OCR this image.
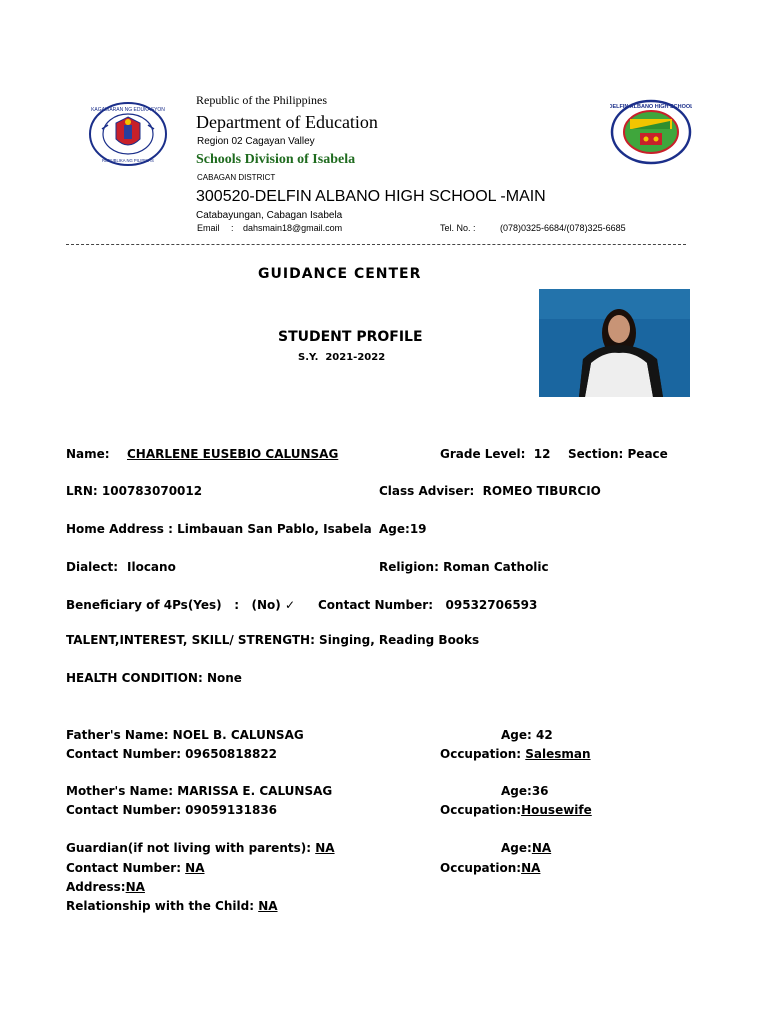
KAGAWARAN NG EDUKASYON
REPUBLIKA NG PILIPINAS
Republic of the Philippines
Department of Education
Region 02 Cagayan Valley
Schools Division of Isabela
CABAGAN DISTRICT
300520-DELFIN ALBANO HIGH SCHOOL -MAIN
Catabayungan, Cabagan Isabela
Email : dahsmain18@gmail.com	Tel. No. :	(078)0325-6684/(078)325-6685
DELFIN ALBANO HIGH SCHOOL
GUIDANCE CENTER
STUDENT PROFILE
S.Y.  2021-2022
Name: CHARLENE EUSEBIO CALUNSAG	Grade Level:  12 Section: Peace
LRN: 100783070012	Class Adviser:  ROMEO TIBURCIO
Home Address : Limbauan San Pablo, Isabela Age:19
Dialect: Ilocano	Religion: Roman Catholic
Beneficiary of 4Ps(Yes)   :   (No) ✓ Contact Number:   09532706593
TALENT,INTEREST, SKILL/ STRENGTH: Singing, Reading Books
HEALTH CONDITION: None
Father's Name: NOEL B. CALUNSAG	Age: 42
Contact Number: 09650818822	Occupation: Salesman
Mother's Name: MARISSA E. CALUNSAG	Age:36
Contact Number: 09059131836	Occupation:Housewife
Guardian(if not living with parents): NA	Age:NA
Contact Number: NA	Occupation:NA
Address:NA
Relationship with the Child: NA
